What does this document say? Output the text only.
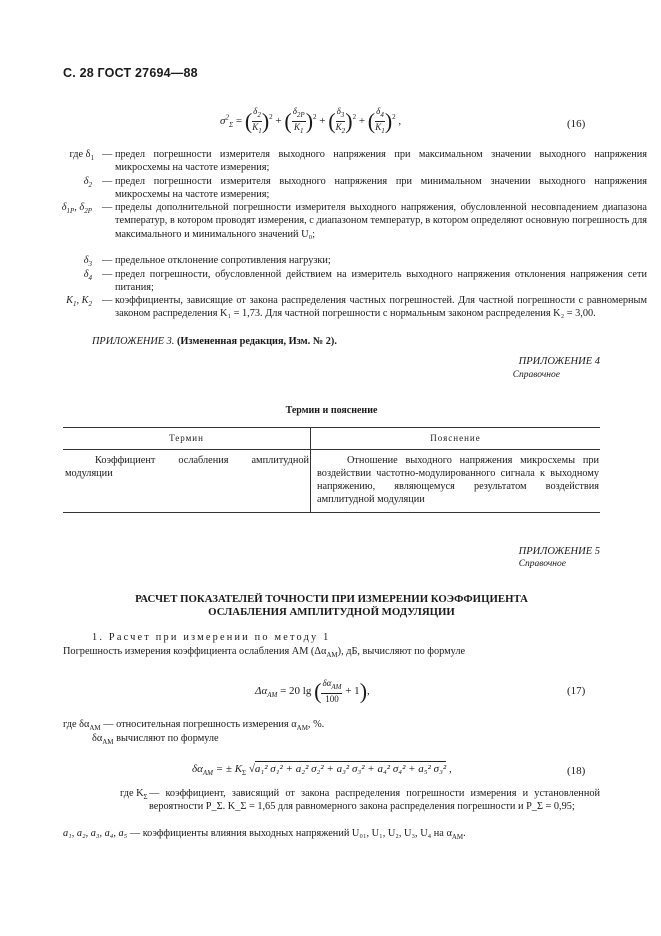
С. 28 ГОСТ 27694—88
$\sigma^2_\Sigma$ = ( $\frac{\delta_2}{K_1} )^2$ + ( $\frac{\delta_{2P}}{K_1} )^2$ + ( $\frac{\delta_3}{K_2} )^2$ + ( $\frac{\delta_4}{K_1} )^2$ ,	(16)
где $\delta_1$ — предел погрешности измерителя выходного напряжения при максимальном значении выходного напряжения микросхемы на частоте измерения;
$\delta_2$ — предел погрешности измерителя выходного напряжения при минимальном значении выходного напряжения микросхемы на частоте измерения;
$\delta_{1P}$, $\delta_{2P}$ — пределы дополнительной погрешности измерителя выходного напряжения, обусловленной несовпадением диапазона температур, в котором проводят измерения, с диапазоном температур, в котором определяют основную погрешность для максимального и минимального значений U₀;
$\delta_3$ — предельное отклонение сопротивления нагрузки;
$\delta_4$ — предел погрешности, обусловленной действием на измеритель выходного напряжения отклонения напряжения сети питания;
$K_1$, $K_2$ — коэффициенты, зависящие от закона распределения частных погрешностей. Для частной погрешности с равномерным законом распределения K₁ = 1,73. Для частной погрешности с нормальным законом распределения K₂ = 3,00.
ПРИЛОЖЕНИЕ 3. (Измененная редакция, Изм. № 2).
ПРИЛОЖЕНИЕ 4
Справочное
Термин и пояснение
Термин	Пояснение
Коэффициент ослабления амплитудной модуляции	Отношение выходного напряжения микросхемы при воздействии частотно-модулированного сигнала к выходному напряжению, являющемуся результатом воздействия амплитудной модуляции
ПРИЛОЖЕНИЕ 5
Справочное
РАСЧЕТ ПОКАЗАТЕЛЕЙ ТОЧНОСТИ ПРИ ИЗМЕРЕНИИ КОЭФФИЦИЕНТА
ОСЛАБЛЕНИЯ АМПЛИТУДНОЙ МОДУЛЯЦИИ
1. Расчет при измерении по методу 1
Погрешность измерения коэффициента ослабления АМ $(\Delta\alpha_{АМ})$, дБ, вычисляют по формуле
$\Delta\alpha_{АМ} = 20$ lg ( $\frac{\delta\alpha_{АМ}}{100} + 1$),	(17)
где $\delta\alpha_{АМ}$ — относительная погрешность измерения $\alpha_{АМ}$, %.
$\delta\alpha_{АМ}$ вычисляют по формуле
$\delta\alpha_{АМ}$ = ± $K_\Sigma$ √a₁² σ₁² + a₂² σ₂² + a₃² σ₃² + a₄² σ₄² + a₅² σ₃² ,	(18)
где $K_\Sigma$ — коэффициент, зависящий от закона распределения погрешности измерения и установленной вероятности P_Σ. K_Σ = 1,65 для равномерного закона распределения погрешности и P_Σ = 0,95;
a₁, a₂, a₃, a₄, a₅ — коэффициенты влияния выходных напряжений U₀₁, U₁, U₂, U₃, U₄ на $\alpha_{АМ}$.
